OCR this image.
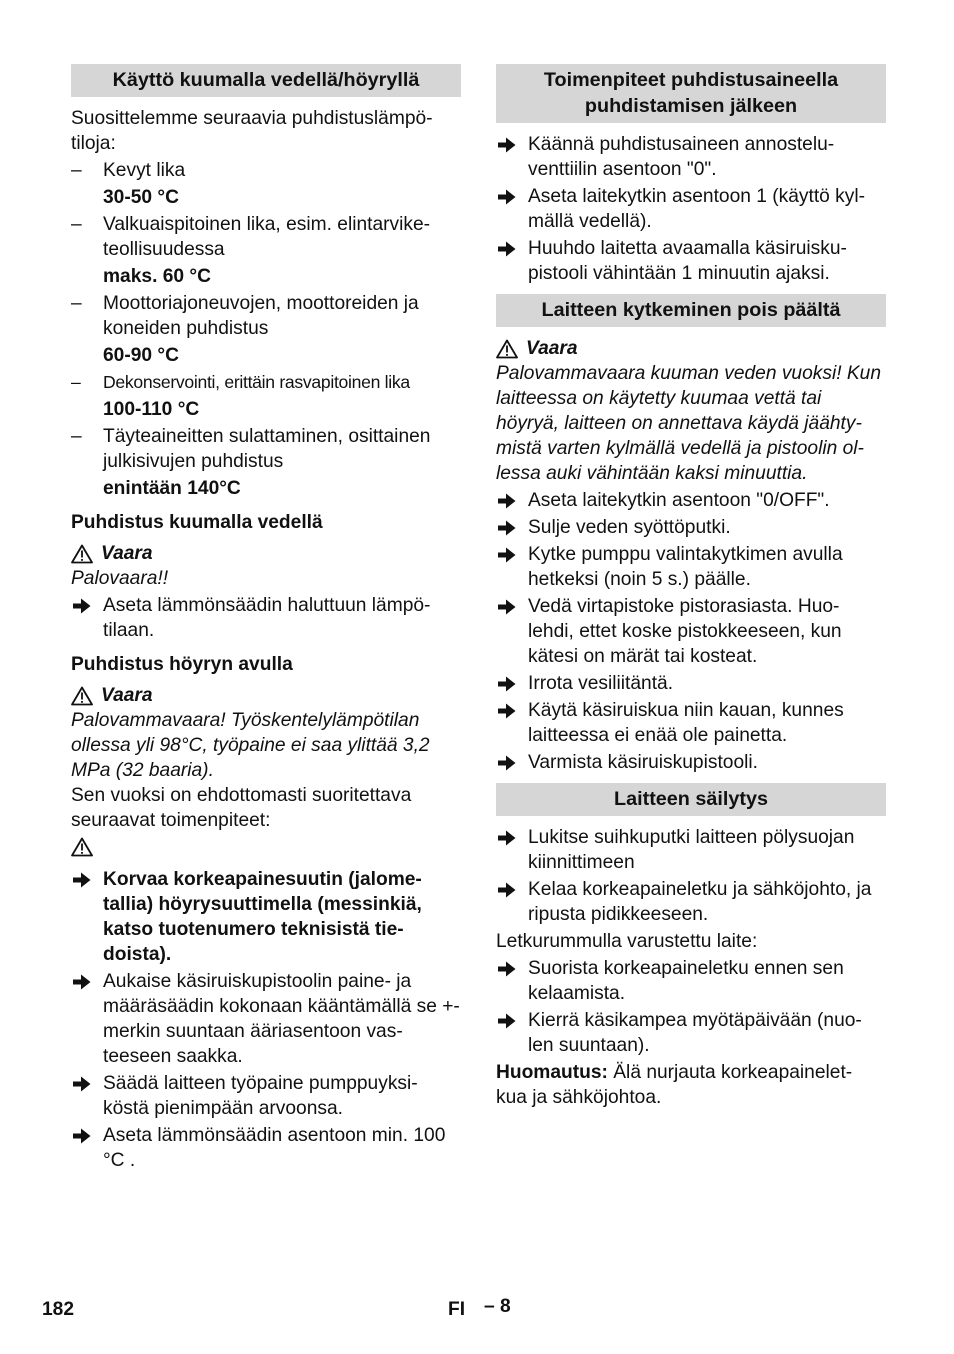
Käyttö kuumalla vedellä/höyryllä

Suosittelemme seuraavia puhdistuslämpö- tiloja:

– Kevyt lika
30-50 °C
– Valkuaispitoinen lika, esim. elintarvike- teollisuudessa
maks. 60 °C
– Moottoriajoneuvojen, moottoreiden ja koneiden puhdistus
60-90 °C
– Dekonservointi, erittäin rasvapitoinen lika
100-110 °C
– Täyteaineitten sulattaminen, osittainen julkisivujen puhdistus
enintään 140°C
Puhdistus kuumalla vedellä
Vaara

Palovaara!!

Aseta lämmönsäädin haluttuun lämpö- tilaan.
Puhdistus höyryn avulla
Vaara

Palovammavaara! Työskentelylämpötilan ollessa yli 98°C, työpaine ei saa ylittää 3,2 MPa (32 baaria).

Sen vuoksi on ehdottomasti suoritettava seuraavat toimenpiteet:

Korvaa korkeapainesuutin (jalome- tallia) höyrysuuttimella (messinkiä, katso tuotenumero teknisistä tie- doista).
Aukaise käsiruiskupistoolin paine- ja määräsäädin kokonaan kääntämällä se +-merkin suuntaan ääriasentoon vas- teeseen saakka.
Säädä laitteen työpaine pumppuyksi- köstä pienimpään arvoonsa.
Aseta lämmönsäädin asentoon min. 100 °C .
Toimenpiteet puhdistusaineella puhdistamisen jälkeen
Käännä puhdistusaineen annostelu- venttiilin asentoon "0".
Aseta laitekytkin asentoon 1 (käyttö kyl- mällä vedellä).
Huuhdo laitetta avaamalla käsiruisku- pistooli vähintään 1 minuutin ajaksi.
Laitteen kytkeminen pois päältä
Vaara

Palovammavaara kuuman veden vuoksi! Kun laitteessa on käytetty kuumaa vettä tai höyryä, laitteen on annettava käydä jäähty- mistä varten kylmällä vedellä ja pistoolin ol- lessa auki vähintään kaksi minuuttia.

Aseta laitekytkin asentoon "0/OFF".
Sulje veden syöttöputki.
Kytke pumppu valintakytkimen avulla hetkeksi (noin 5 s.) päälle.
Vedä virtapistoke pistorasiasta. Huo- lehdi, ettet koske pistokkeeseen, kun kätesi on märät tai kosteat.
Irrota vesiliitäntä.
Käytä käsiruiskua niin kauan, kunnes laitteessa ei enää ole painetta.
Varmista käsiruiskupistooli.
Laitteen säilytys
Lukitse suihkuputki laitteen pölysuojan kiinnittimeen
Kelaa korkeapaineletku ja sähköjohto, ja ripusta pidikkeeseen.

Letkurummulla varustettu laite:

Suorista korkeapaineletku ennen sen kelaamista.
Kierrä käsikampea myötäpäivään (nuo- len suuntaan).

Huomautus: Älä nurjauta korkeapainelet- kua ja sähköjohtoa.

182	FI – 8
